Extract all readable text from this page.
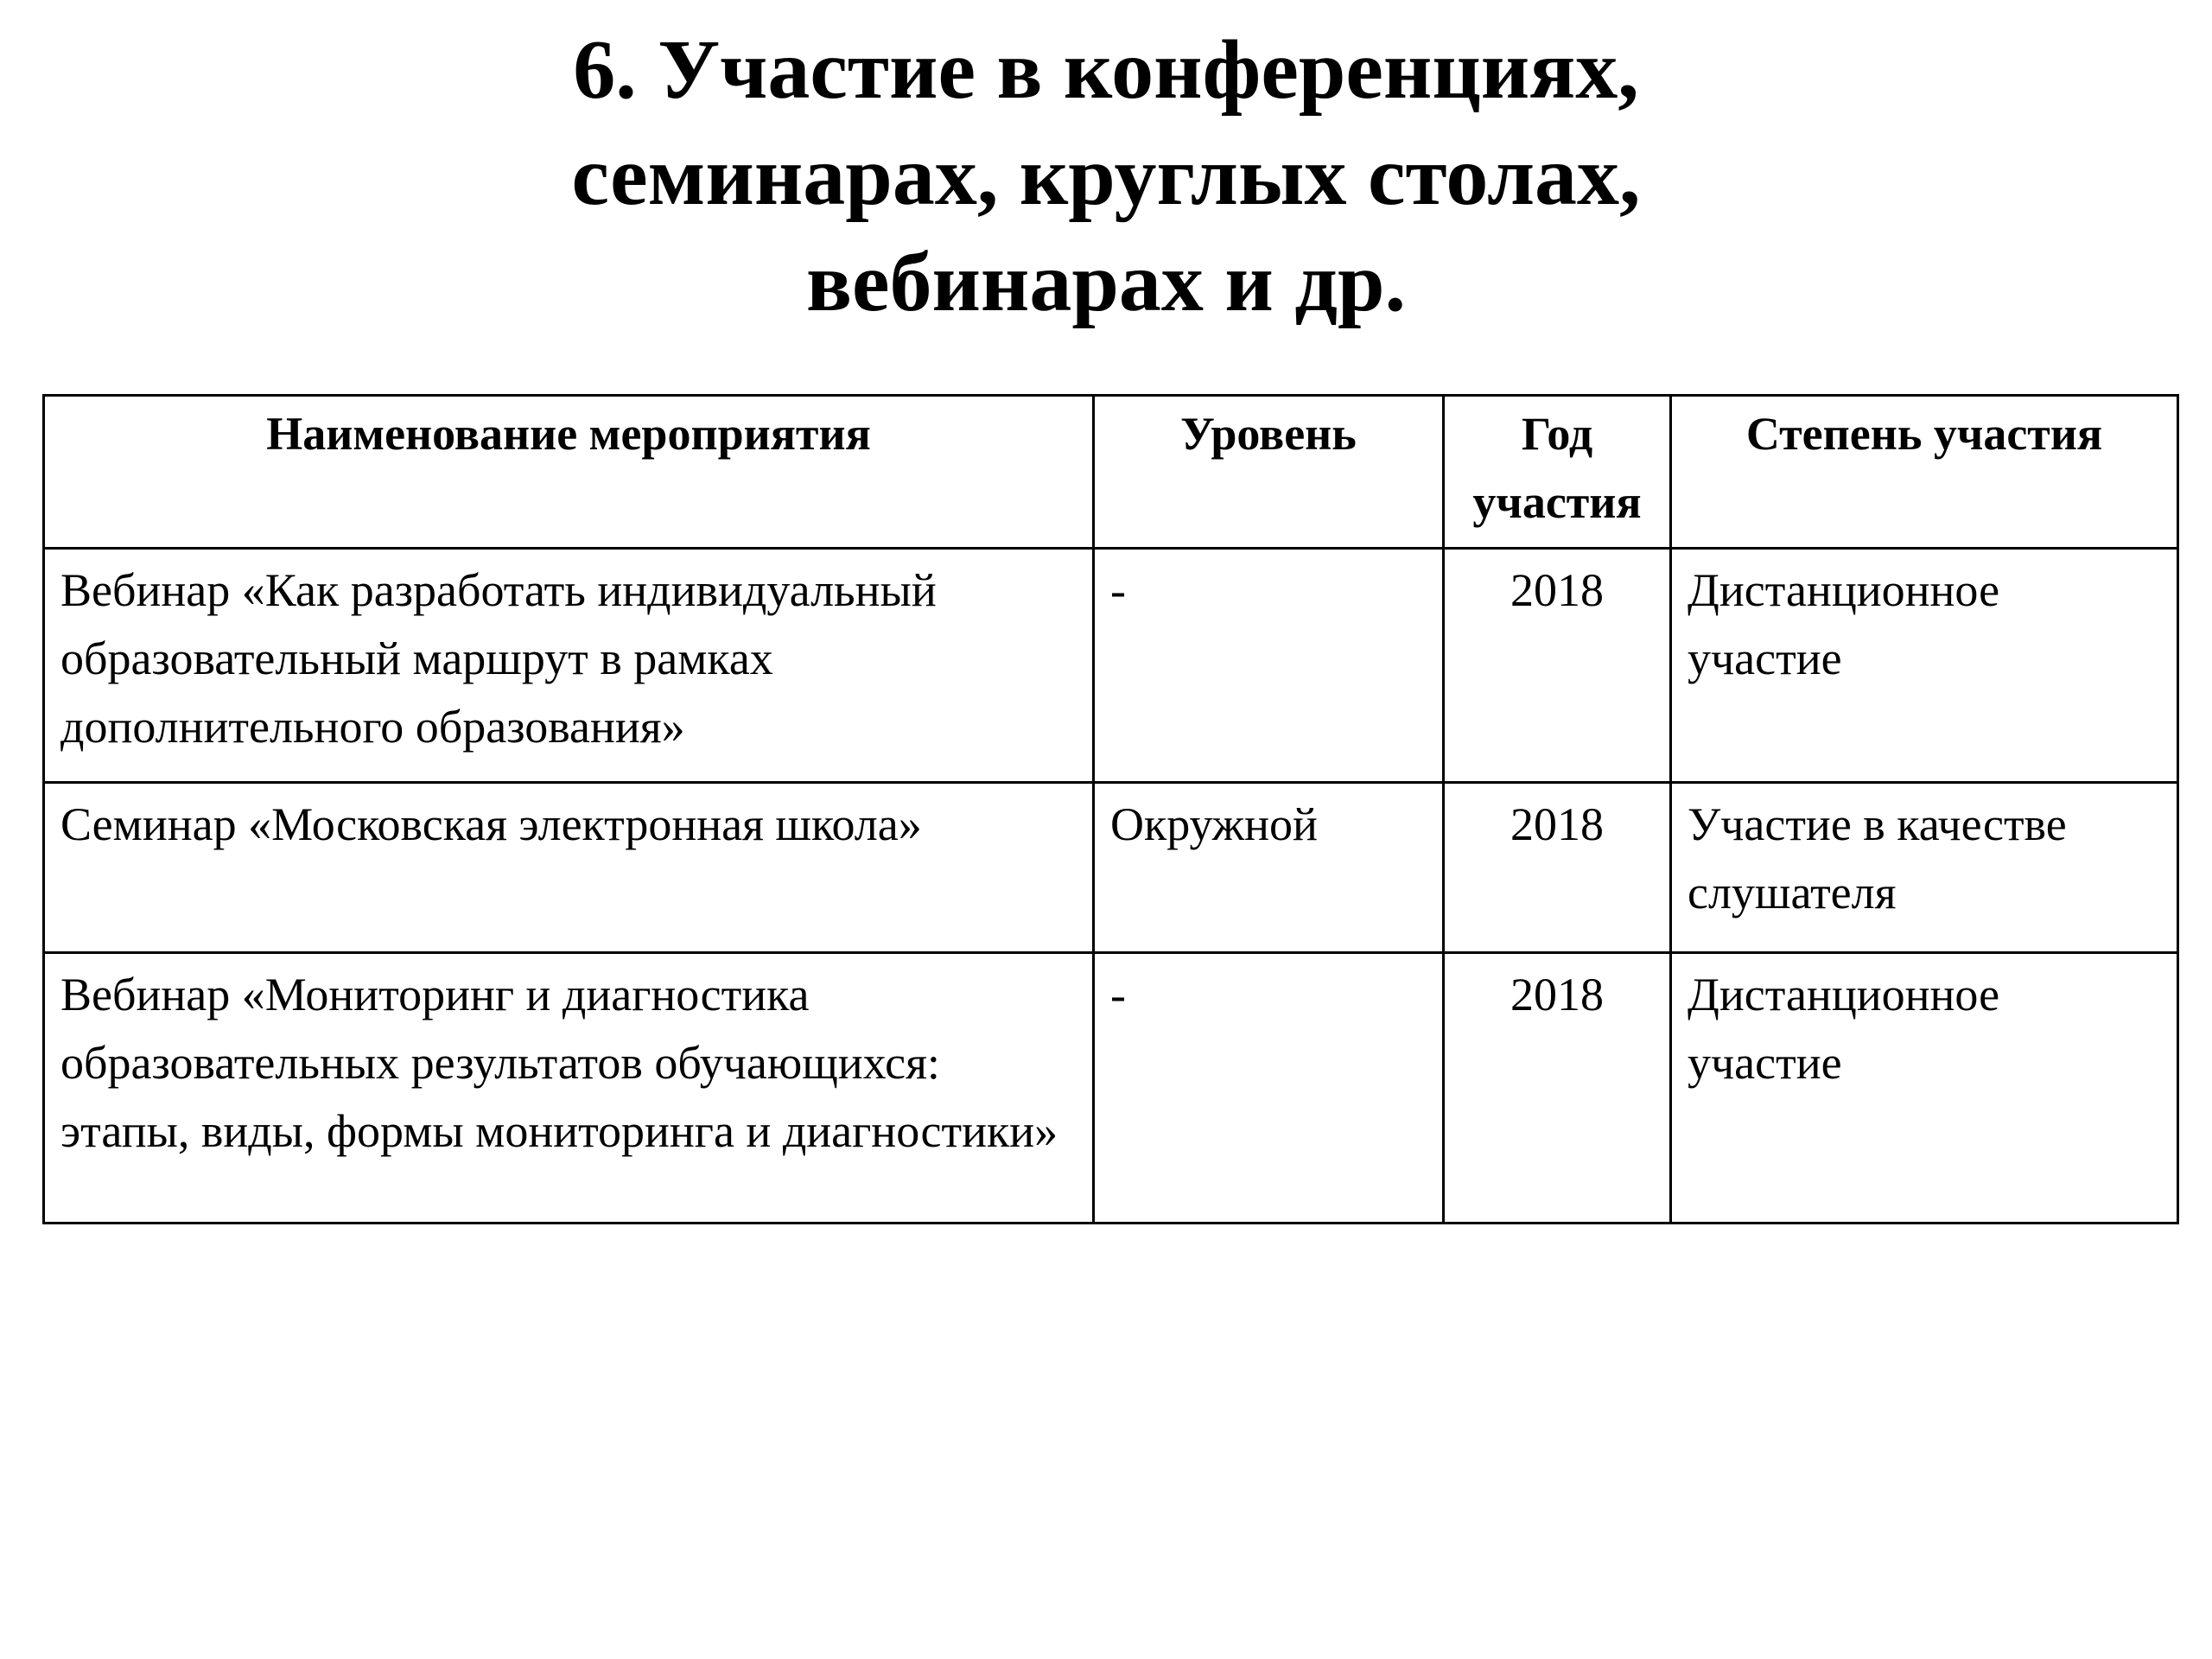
6. Участие в конференциях,
семинарах, круглых столах,
вебинарах и др.
Наименование мероприятия	Уровень	Год участия	Степень участия
Вебинар «Как разработать индивидуальный образовательный маршрут в рамках дополнительного образования»	-	2018	Дистанционное участие
Семинар «Московская электронная школа»	Окружной	2018	Участие в качестве слушателя
Вебинар «Мониторинг и диагностика образовательных результатов обучающихся: этапы, виды, формы мониторинга и диагностики»	-	2018	Дистанционное участие
